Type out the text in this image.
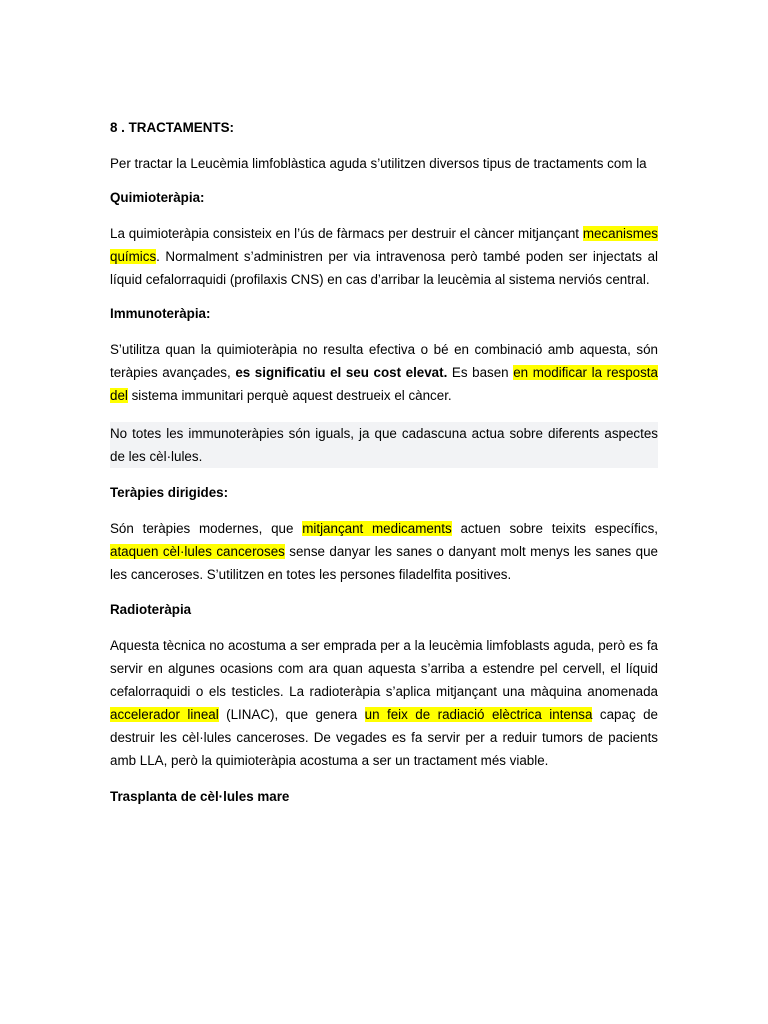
8 . TRACTAMENTS:

Per tractar la Leucèmia limfoblàstica aguda s’utilitzen diversos tipus de tractaments com la

Quimioteràpia:

La quimioteràpia consisteix en l’ús de fàrmacs per destruir el càncer mitjançant mecanismes químics. Normalment s’administren per via intravenosa però també poden ser injectats al líquid cefalorraquidi (profilaxis CNS) en cas d’arribar la leucèmia al sistema nerviós central.

Immunoteràpia:

S’utilitza quan la quimioteràpia no resulta efectiva o bé en combinació amb aquesta, són teràpies avançades, es significatiu el seu cost elevat. Es basen en modificar la resposta del sistema immunitari perquè aquest destrueix el càncer.

No totes les immunoteràpies són iguals, ja que cadascuna actua sobre diferents aspectes de les cèl·lules.

Teràpies dirigides:

Són teràpies modernes, que mitjançant medicaments actuen sobre teixits específics, ataquen cèl·lules canceroses sense danyar les sanes o danyant molt menys les sanes que les canceroses. S’utilitzen en totes les persones filadelfita positives.

Radioteràpia

Aquesta tècnica no acostuma a ser emprada per a la leucèmia limfoblasts aguda, però es fa servir en algunes ocasions com ara quan aquesta s’arriba a estendre pel cervell, el líquid cefalorraquidi o els testicles. La radioteràpia s’aplica mitjançant una màquina anomenada accelerador lineal (LINAC), que genera un feix de radiació elèctrica intensa capaç de destruir les cèl·lules canceroses. De vegades es fa servir per a reduir tumors de pacients amb LLA, però la quimioteràpia acostuma a ser un tractament més viable.

Trasplanta de cèl·lules mare
